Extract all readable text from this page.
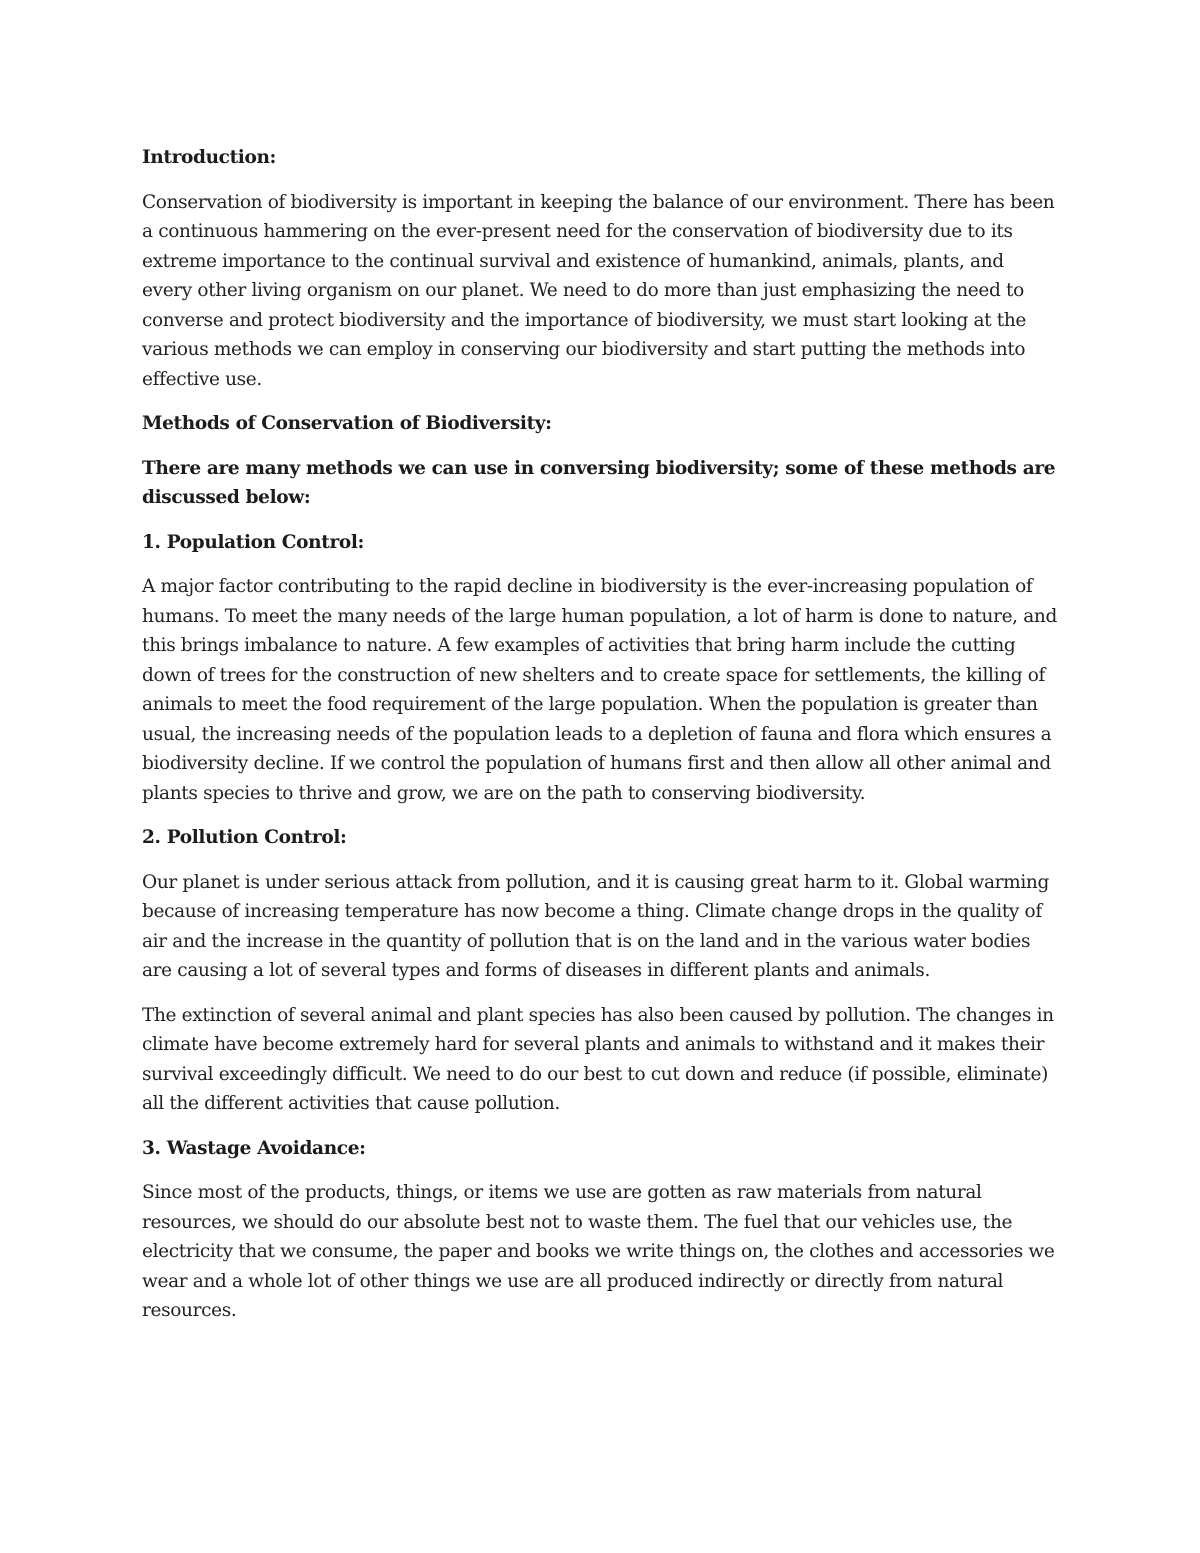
Introduction:

Conservation of biodiversity is important in keeping the balance of our environment. There has been a continuous hammering on the ever-present need for the conservation of biodiversity due to its extreme importance to the continual survival and existence of humankind, animals, plants, and every other living organism on our planet. We need to do more than just emphasizing the need to converse and protect biodiversity and the importance of biodiversity, we must start looking at the various methods we can employ in conserving our biodiversity and start putting the methods into effective use.

Methods of Conservation of Biodiversity:

There are many methods we can use in conversing biodiversity; some of these methods are discussed below:

1. Population Control:

A major factor contributing to the rapid decline in biodiversity is the ever-increasing population of humans. To meet the many needs of the large human population, a lot of harm is done to nature, and this brings imbalance to nature. A few examples of activities that bring harm include the cutting down of trees for the construction of new shelters and to create space for settlements, the killing of animals to meet the food requirement of the large population. When the population is greater than usual, the increasing needs of the population leads to a depletion of fauna and flora which ensures a biodiversity decline. If we control the population of humans first and then allow all other animal and plants species to thrive and grow, we are on the path to conserving biodiversity.

2. Pollution Control:

Our planet is under serious attack from pollution, and it is causing great harm to it. Global warming because of increasing temperature has now become a thing. Climate change drops in the quality of air and the increase in the quantity of pollution that is on the land and in the various water bodies are causing a lot of several types and forms of diseases in different plants and animals.

The extinction of several animal and plant species has also been caused by pollution. The changes in climate have become extremely hard for several plants and animals to withstand and it makes their survival exceedingly difficult. We need to do our best to cut down and reduce (if possible, eliminate) all the different activities that cause pollution.

3. Wastage Avoidance:

Since most of the products, things, or items we use are gotten as raw materials from natural resources, we should do our absolute best not to waste them. The fuel that our vehicles use, the electricity that we consume, the paper and books we write things on, the clothes and accessories we wear and a whole lot of other things we use are all produced indirectly or directly from natural resources.
